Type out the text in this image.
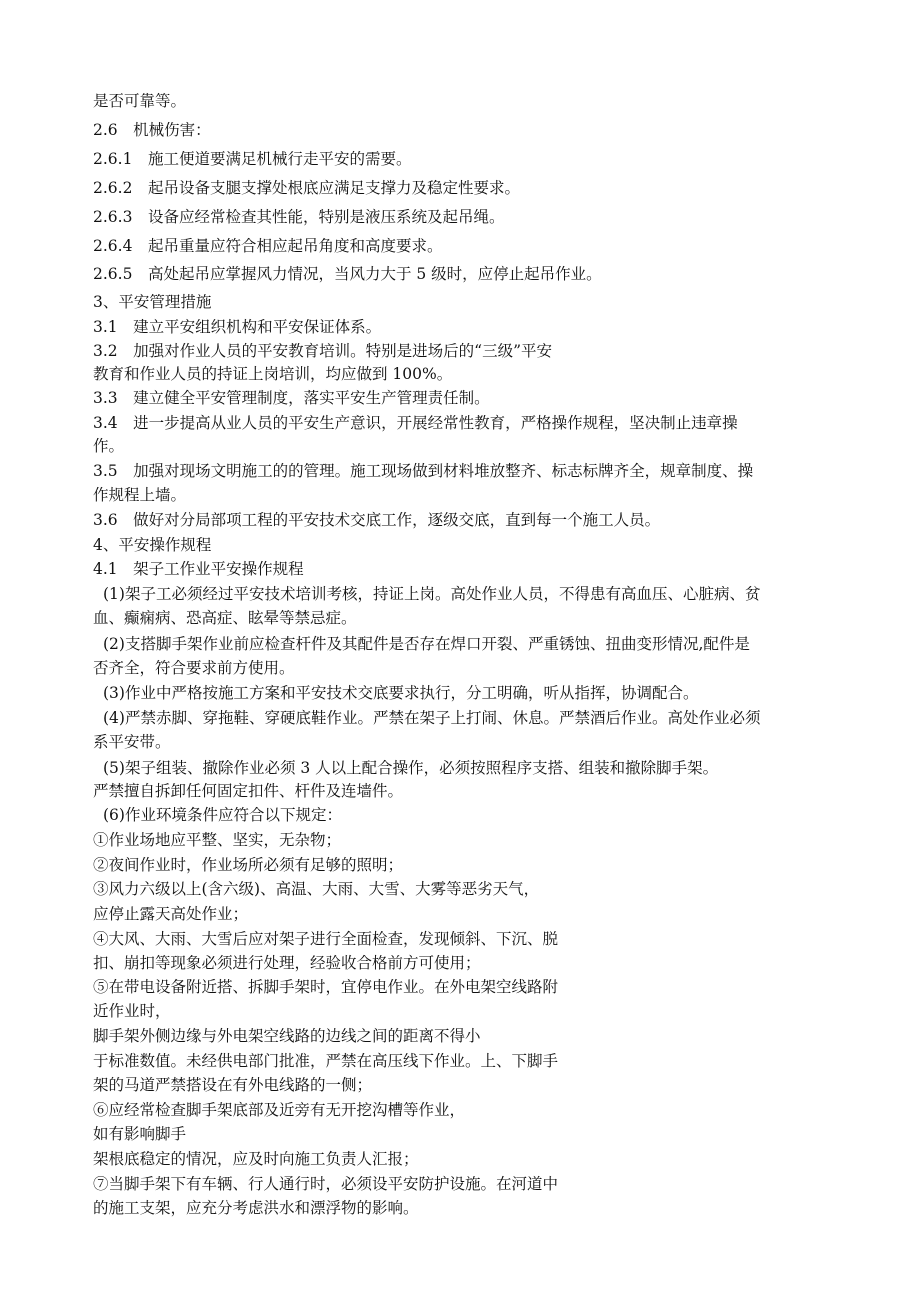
是否可靠等。

2.6　机械伤害：

2.6.1　施工便道要满足机械行走平安的需要。

2.6.2　起吊设备支腿支撑处根底应满足支撑力及稳定性要求。

2.6.3　设备应经常检查其性能，特别是液压系统及起吊绳。

2.6.4　起吊重量应符合相应起吊角度和高度要求。

2.6.5　高处起吊应掌握风力情况，当风力大于 5 级时，应停止起吊作业。

3、平安管理措施

3.1　建立平安组织机构和平安保证体系。

3.2　加强对作业人员的平安教育培训。特别是进场后的“三级”平安

教育和作业人员的持证上岗培训，均应做到 100%。

3.3　建立健全平安管理制度，落实平安生产管理责任制。

3.4　进一步提高从业人员的平安生产意识，开展经常性教育，严格操作规程，坚决制止违章操

作。

3.5　加强对现场文明施工的的管理。施工现场做到材料堆放整齐、标志标牌齐全，规章制度、操

作规程上墙。

3.6　做好对分局部项工程的平安技术交底工作，逐级交底，直到每一个施工人员。

4、平安操作规程

4.1　架子工作业平安操作规程

(1)架子工必须经过平安技术培训考核，持证上岗。高处作业人员，不得患有高血压、心脏病、贫

血、癫痫病、恐高症、眩晕等禁忌症。

(2)支搭脚手架作业前应检查杆件及其配件是否存在焊口开裂、严重锈蚀、扭曲变形情况,配件是

否齐全，符合要求前方使用。

(3)作业中严格按施工方案和平安技术交底要求执行，分工明确，听从指挥，协调配合。

(4)严禁赤脚、穿拖鞋、穿硬底鞋作业。严禁在架子上打闹、休息。严禁酒后作业。高处作业必须

系平安带。

(5)架子组装、撤除作业必须 3 人以上配合操作，必须按照程序支搭、组装和撤除脚手架。

严禁擅自拆卸任何固定扣件、杆件及连墙件。

(6)作业环境条件应符合以下规定：

①作业场地应平整、坚实，无杂物；

②夜间作业时，作业场所必须有足够的照明；

③风力六级以上(含六级)、高温、大雨、大雪、大雾等恶劣天气，

应停止露天高处作业；

④大风、大雨、大雪后应对架子进行全面检查，发现倾斜、下沉、脱

扣、崩扣等现象必须进行处理，经验收合格前方可使用；

⑤在带电设备附近搭、拆脚手架时，宜停电作业。在外电架空线路附

近作业时，

脚手架外侧边缘与外电架空线路的边线之间的距离不得小

于标准数值。未经供电部门批准，严禁在高压线下作业。上、下脚手

架的马道严禁搭设在有外电线路的一侧；

⑥应经常检查脚手架底部及近旁有无开挖沟槽等作业，

如有影响脚手

架根底稳定的情况，应及时向施工负责人汇报；

⑦当脚手架下有车辆、行人通行时，必须设平安防护设施。在河道中

的施工支架，应充分考虑洪水和漂浮物的影响。
